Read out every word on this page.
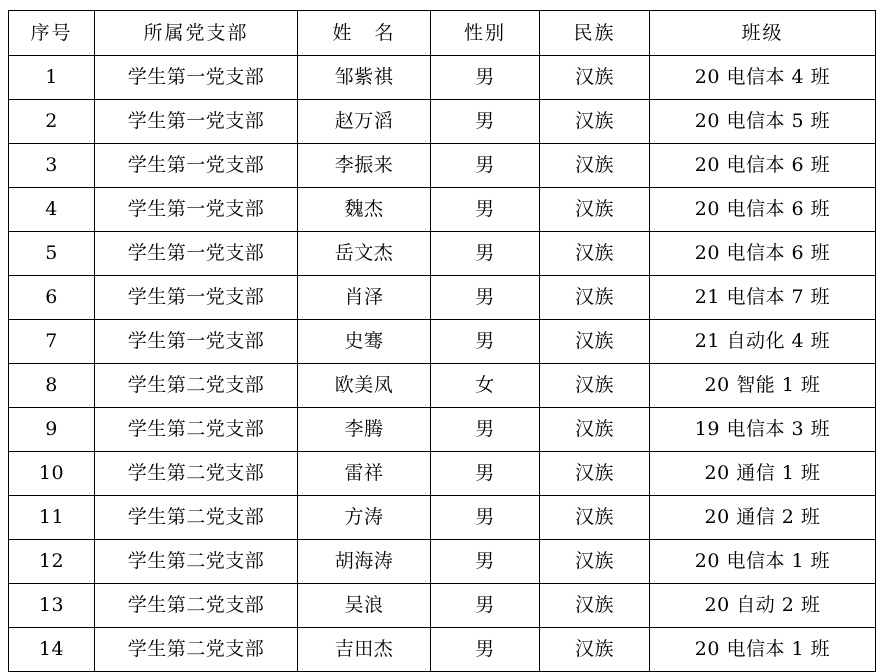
序号	所属党支部	姓　名	性别	民族	班级
1	学生第一党支部	邹紫祺	男	汉族	20 电信本 4 班
2	学生第一党支部	赵万滔	男	汉族	20 电信本 5 班
3	学生第一党支部	李振来	男	汉族	20 电信本 6 班
4	学生第一党支部	魏杰	男	汉族	20 电信本 6 班
5	学生第一党支部	岳文杰	男	汉族	20 电信本 6 班
6	学生第一党支部	肖泽	男	汉族	21 电信本 7 班
7	学生第一党支部	史骞	男	汉族	21 自动化 4 班
8	学生第二党支部	欧美凤	女	汉族	20 智能 1 班
9	学生第二党支部	李腾	男	汉族	19 电信本 3 班
10	学生第二党支部	雷祥	男	汉族	20 通信 1 班
11	学生第二党支部	方涛	男	汉族	20 通信 2 班
12	学生第二党支部	胡海涛	男	汉族	20 电信本 1 班
13	学生第二党支部	吴浪	男	汉族	20 自动 2 班
14	学生第二党支部	吉田杰	男	汉族	20 电信本 1 班
